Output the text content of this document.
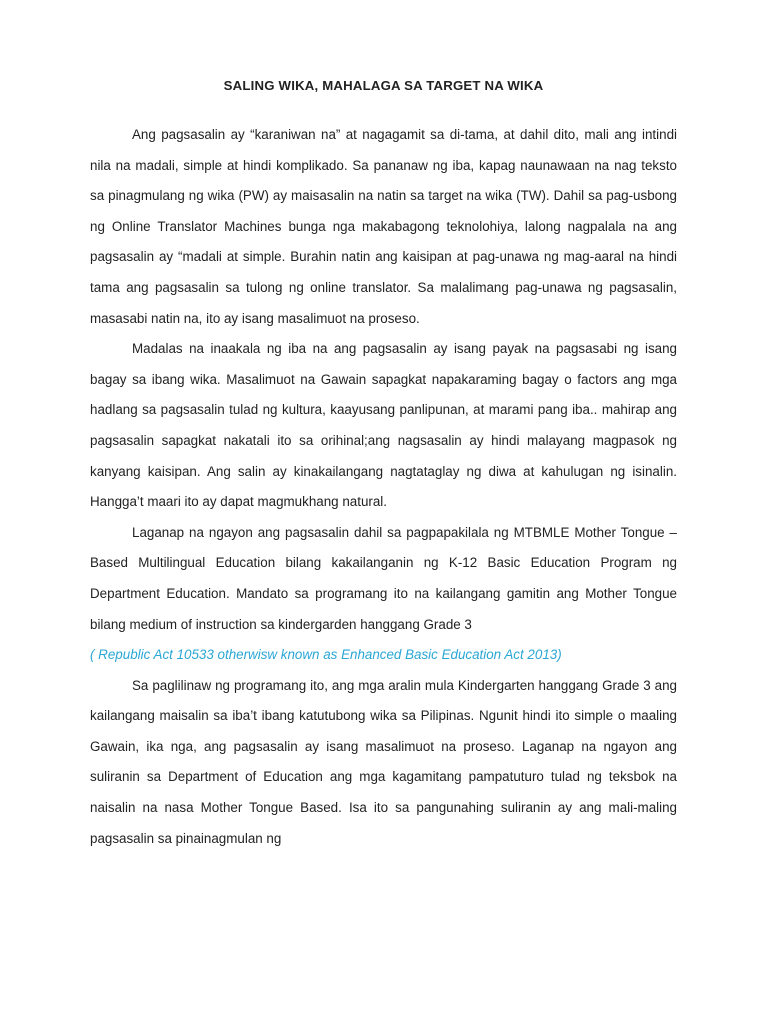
SALING WIKA, MAHALAGA SA TARGET NA WIKA

Ang pagsasalin ay “karaniwan na” at nagagamit sa di-tama, at dahil dito, mali ang intindi nila na madali, simple at hindi komplikado. Sa pananaw ng iba, kapag naunawaan na nag teksto sa pinagmulang ng wika (PW) ay maisasalin na natin sa target na wika (TW). Dahil sa pag-usbong ng Online Translator Machines bunga nga makabagong teknolohiya, lalong nagpalala na ang pagsasalin ay “madali at simple. Burahin natin ang kaisipan at pag-unawa ng mag-aaral na hindi tama ang pagsasalin sa tulong ng online translator. Sa malalimang pag-unawa ng pagsasalin, masasabi natin na, ito ay isang masalimuot na proseso.

Madalas na inaakala ng iba na ang pagsasalin ay isang payak na pagsasabi ng isang bagay sa ibang wika. Masalimuot na Gawain sapagkat napakaraming bagay o factors ang mga hadlang sa pagsasalin tulad ng kultura, kaayusang panlipunan, at marami pang iba.. mahirap ang pagsasalin sapagkat nakatali ito sa orihinal;ang nagsasalin ay hindi malayang magpasok ng kanyang kaisipan. Ang salin ay kinakailangang nagtataglay ng diwa at kahulugan ng isinalin. Hangga’t maari ito ay dapat magmukhang natural.

Laganap na ngayon ang pagsasalin dahil sa pagpapakilala ng MTBMLE Mother Tongue – Based Multilingual Education bilang kakailanganin ng K-12 Basic Education Program ng Department Education. Mandato sa programang ito na kailangang gamitin ang Mother Tongue bilang medium of instruction sa kindergarden hanggang Grade 3

( Republic Act 10533 otherwisw known as Enhanced Basic Education Act 2013)

Sa paglilinaw ng programang ito, ang mga aralin mula Kindergarten hanggang Grade 3 ang kailangang maisalin sa iba’t ibang katutubong wika sa Pilipinas. Ngunit hindi ito simple o maaling Gawain, ika nga, ang pagsasalin ay isang masalimuot na proseso. Laganap na ngayon ang suliranin sa Department of Education ang mga kagamitang pampatuturo tulad ng teksbok na naisalin na nasa Mother Tongue Based. Isa ito sa pangunahing suliranin ay ang mali-maling pagsasalin sa pinainagmulan ng
